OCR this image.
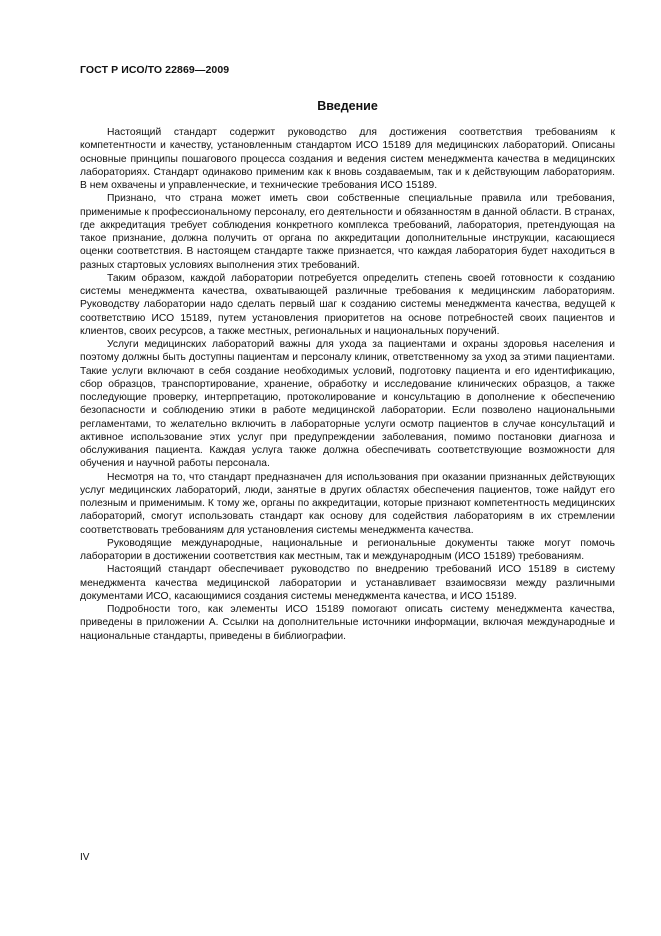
ГОСТ Р ИСО/ТО 22869—2009
Введение

Настоящий стандарт содержит руководство для достижения соответствия требованиям к компетентности и качеству, установленным стандартом ИСО 15189 для медицинских лабораторий. Описаны основные принципы пошагового процесса создания и ведения систем менеджмента качества в медицинских лабораториях. Стандарт одинаково применим как к вновь создаваемым, так и к действующим лабораториям. В нем охвачены и управленческие, и технические требования ИСО 15189.

Признано, что страна может иметь свои собственные специальные правила или требования, применимые к профессиональному персоналу, его деятельности и обязанностям в данной области. В странах, где аккредитация требует соблюдения конкретного комплекса требований, лаборатория, претендующая на такое признание, должна получить от органа по аккредитации дополнительные инструкции, касающиеся оценки соответствия. В настоящем стандарте также признается, что каждая лаборатория будет находиться в разных стартовых условиях выполнения этих требований.

Таким образом, каждой лаборатории потребуется определить степень своей готовности к созданию системы менеджмента качества, охватывающей различные требования к медицинским лабораториям. Руководству лаборатории надо сделать первый шаг к созданию системы менеджмента качества, ведущей к соответствию ИСО 15189, путем установления приоритетов на основе потребностей своих пациентов и клиентов, своих ресурсов, а также местных, региональных и национальных поручений.

Услуги медицинских лабораторий важны для ухода за пациентами и охраны здоровья населения и поэтому должны быть доступны пациентам и персоналу клиник, ответственному за уход за этими пациентами. Такие услуги включают в себя создание необходимых условий, подготовку пациента и его идентификацию, сбор образцов, транспортирование, хранение, обработку и исследование клинических образцов, а также последующие проверку, интерпретацию, протоколирование и консультацию в дополнение к обеспечению безопасности и соблюдению этики в работе медицинской лаборатории. Если позволено национальными регламентами, то желательно включить в лабораторные услуги осмотр пациентов в случае консультаций и активное использование этих услуг при предупреждении заболевания, помимо постановки диагноза и обслуживания пациента. Каждая услуга также должна обеспечивать соответствующие возможности для обучения и научной работы персонала.

Несмотря на то, что стандарт предназначен для использования при оказании признанных действующих услуг медицинских лабораторий, люди, занятые в других областях обеспечения пациентов, тоже найдут его полезным и применимым. К тому же, органы по аккредитации, которые признают компетентность медицинских лабораторий, смогут использовать стандарт как основу для содействия лабораториям в их стремлении соответствовать требованиям для установления системы менеджмента качества.

Руководящие международные, национальные и региональные документы также могут помочь лаборатории в достижении соответствия как местным, так и международным (ИСО 15189) требованиям.

Настоящий стандарт обеспечивает руководство по внедрению требований ИСО 15189 в систему менеджмента качества медицинской лаборатории и устанавливает взаимосвязи между различными документами ИСО, касающимися создания системы менеджмента качества, и ИСО 15189.

Подробности того, как элементы ИСО 15189 помогают описать систему менеджмента качества, приведены в приложении А. Ссылки на дополнительные источники информации, включая международные и национальные стандарты, приведены в библиографии.

IV
